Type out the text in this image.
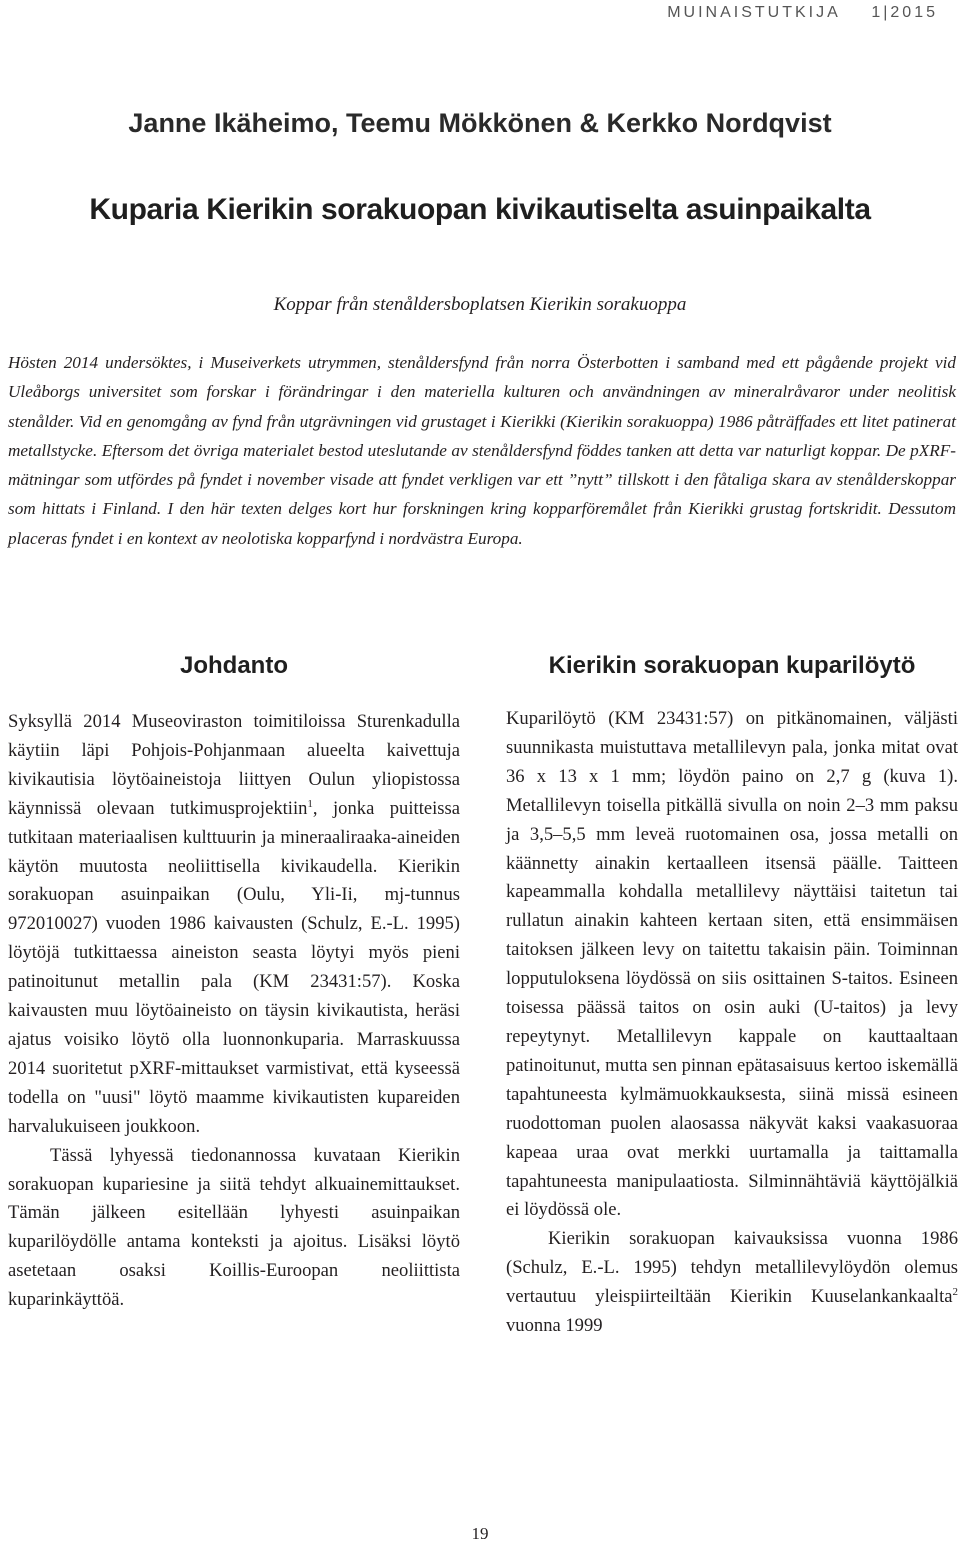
MUINAISTUTKIJA 1|2015
Janne Ikäheimo, Teemu Mökkönen & Kerkko Nordqvist
Kuparia Kierikin sorakuopan kivikautiselta asuinpaikalta
Koppar från stenåldersboplatsen Kierikin sorakuoppa

Hösten 2014 undersöktes, i Museiverkets utrymmen, stenåldersfynd från norra Österbotten i samband med ett pågående projekt vid Uleåborgs universitet som forskar i förändringar i den materiella kulturen och användningen av mineralråvaror under neolitisk stenålder. Vid en genomgång av fynd från utgrävningen vid grustaget i Kierikki (Kierikin sorakuoppa) 1986 påträffades ett litet patinerat metallstycke. Eftersom det övriga materialet bestod uteslutande av stenåldersfynd föddes tanken att detta var naturligt koppar. De pXRF-mätningar som utfördes på fyndet i november visade att fyndet verkligen var ett ”nytt” tillskott i den fåtaliga skara av stenålderskoppar som hittats i Finland. I den här texten delges kort hur forskningen kring kopparföremålet från Kierikki grustag fortskridit. Dessutom placeras fyndet i en kontext av neolotiska kopparfynd i nordvästra Europa.

Johdanto

Syksyllä 2014 Museoviraston toimitiloissa Sturenkadulla käytiin läpi Pohjois-Pohjanmaan alueelta kaivettuja kivikautisia löytöaineistoja liittyen Oulun yliopistossa käynnissä olevaan tutkimusprojektiin$^1$, jonka puitteissa tutkitaan materiaalisen kulttuurin ja mineraaliraaka-aineiden käytön muutosta neoliittisella kivikaudella. Kierikin sorakuopan asuinpaikan (Oulu, Yli-Ii, mj-tunnus 972010027) vuoden 1986 kaivausten (Schulz, E.-L. 1995) löytöjä tutkittaessa aineiston seasta löytyi myös pieni patinoitunut metallin pala (KM 23431:57). Koska kaivausten muu löytöaineisto on täysin kivikautista, heräsi ajatus voisiko löytö olla luonnonkuparia. Marraskuussa 2014 suoritetut pXRF-mittaukset varmistivat, että kyseessä todella on "uusi" löytö maamme kivikautisten kupareiden harvalukuiseen joukkoon.

Tässä lyhyessä tiedonannossa kuvataan Kierikin sorakuopan kupariesine ja siitä tehdyt alkuainemittaukset. Tämän jälkeen esitellään lyhyesti asuinpaikan kuparilöydölle antama konteksti ja ajoitus. Lisäksi löytö asetetaan osaksi Koillis-Euroopan neoliittista kuparinkäyttöä.

Kierikin sorakuopan kuparilöytö

Kuparilöytö (KM 23431:57) on pitkänomainen, väljästi suunnikasta muistuttava metallilevyn pala, jonka mitat ovat 36 x 13 x 1 mm; löydön paino on 2,7 g (kuva 1). Metallilevyn toisella pitkällä sivulla on noin 2–3 mm paksu ja 3,5–5,5 mm leveä ruotomainen osa, jossa metalli on käännetty ainakin kertaalleen itsensä päälle. Taitteen kapeammalla kohdalla metallilevy näyttäisi taitetun tai rullatun ainakin kahteen kertaan siten, että ensimmäisen taitoksen jälkeen levy on taitettu takaisin päin. Toiminnan lopputuloksena löydössä on siis osittainen S-taitos. Esineen toisessa päässä taitos on osin auki (U-taitos) ja levy repeytynyt. Metallilevyn kappale on kauttaaltaan patinoitunut, mutta sen pinnan epätasaisuus kertoo iskemällä tapahtuneesta kylmämuokkauksesta, siinä missä esineen ruodottoman puolen alaosassa näkyvät kaksi vaakasuoraa kapeaa uraa ovat merkki uurtamalla ja taittamalla tapahtuneesta manipulaatiosta. Silminnähtäviä käyttöjälkiä ei löydössä ole.

Kierikin sorakuopan kaivauksissa vuonna 1986 (Schulz, E.-L. 1995) tehdyn metallilevylöydön olemus vertautuu yleispiirteiltään Kierikin Kuuselankankaalta$^2$ vuonna 1999

19
